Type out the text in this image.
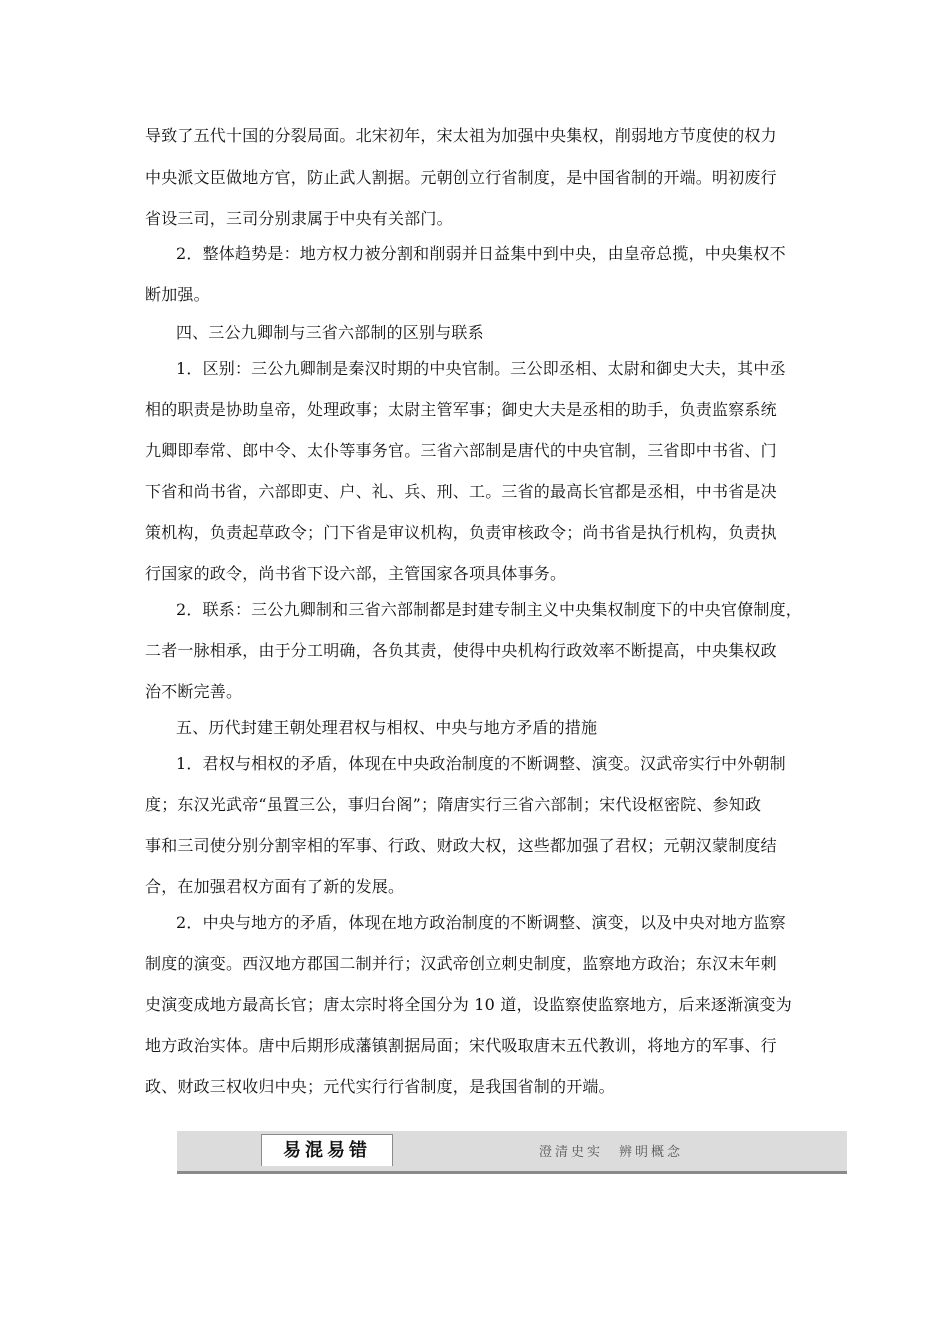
导致了五代十国的分裂局面。北宋初年，宋太祖为加强中央集权，削弱地方节度使的权力
中央派文臣做地方官，防止武人割据。元朝创立行省制度，是中国省制的开端。明初废行
省设三司，三司分别隶属于中央有关部门。
2．整体趋势是：地方权力被分割和削弱并日益集中到中央，由皇帝总揽，中央集权不
断加强。
四、三公九卿制与三省六部制的区别与联系
1．区别：三公九卿制是秦汉时期的中央官制。三公即丞相、太尉和御史大夫，其中丞
相的职责是协助皇帝，处理政事；太尉主管军事；御史大夫是丞相的助手，负责监察系统
九卿即奉常、郎中令、太仆等事务官。三省六部制是唐代的中央官制，三省即中书省、门
下省和尚书省，六部即吏、户、礼、兵、刑、工。三省的最高长官都是丞相，中书省是决
策机构，负责起草政令；门下省是审议机构，负责审核政令；尚书省是执行机构，负责执
行国家的政令，尚书省下设六部，主管国家各项具体事务。
2．联系：三公九卿制和三省六部制都是封建专制主义中央集权制度下的中央官僚制度，
二者一脉相承，由于分工明确，各负其责，使得中央机构行政效率不断提高，中央集权政
治不断完善。
五、历代封建王朝处理君权与相权、中央与地方矛盾的措施
1．君权与相权的矛盾，体现在中央政治制度的不断调整、演变。汉武帝实行中外朝制
度；东汉光武帝“虽置三公，事归台阁”；隋唐实行三省六部制；宋代设枢密院、参知政
事和三司使分别分割宰相的军事、行政、财政大权，这些都加强了君权；元朝汉蒙制度结
合，在加强君权方面有了新的发展。
2．中央与地方的矛盾，体现在地方政治制度的不断调整、演变，以及中央对地方监察
制度的演变。西汉地方郡国二制并行；汉武帝创立刺史制度，监察地方政治；东汉末年刺
史演变成地方最高长官；唐太宗时将全国分为 10 道，设监察使监察地方，后来逐渐演变为
地方政治实体。唐中后期形成藩镇割据局面；宋代吸取唐末五代教训，将地方的军事、行
政、财政三权收归中央；元代实行行省制度，是我国省制的开端。
易混易错	澄清史实　辨明概念
